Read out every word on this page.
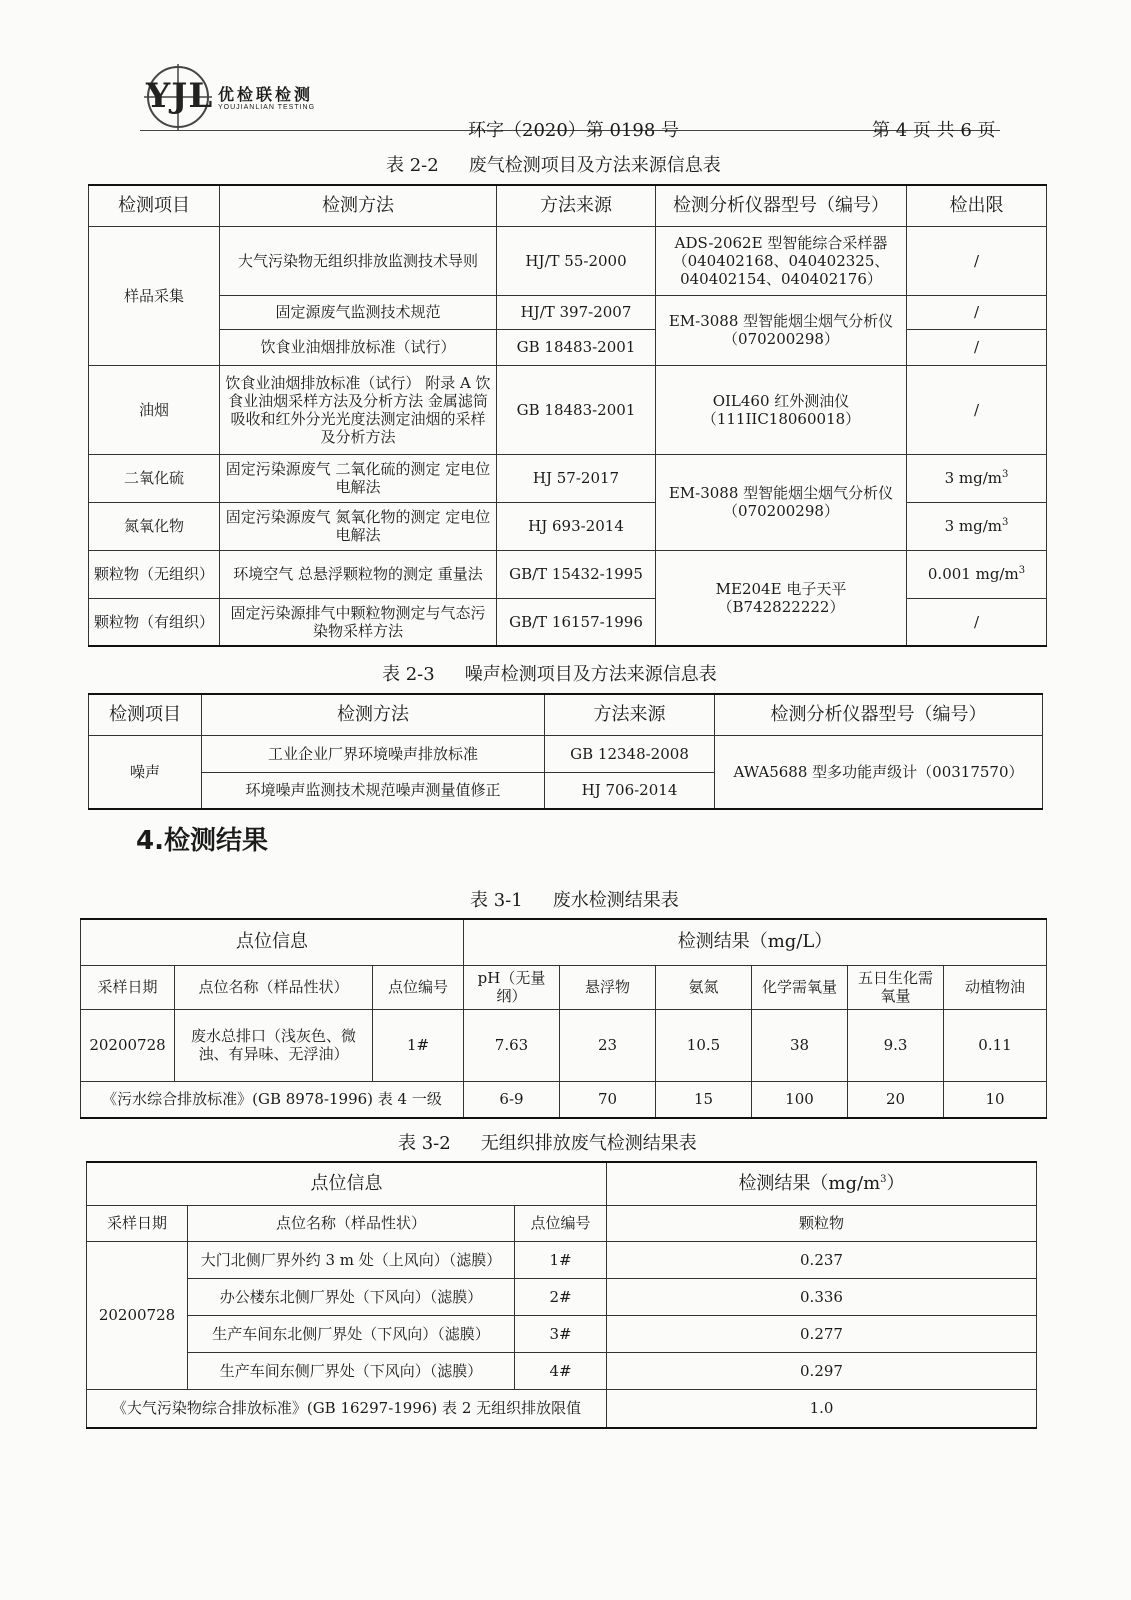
YJL 优检联检测
YOUJIANLIAN TESTING
环字（2020）第 0198 号	第 4 页 共 6 页
表 2-2 废气检测项目及方法来源信息表
检测项目	检测方法	方法来源	检测分析仪器型号（编号）	检出限
样品采集	大气污染物无组织排放监测技术导则	HJ/T 55-2000	ADS-2062E 型智能综合采样器（040402168、040402325、040402154、040402176）	/
	固定源废气监测技术规范	HJ/T 397-2007	EM-3088 型智能烟尘烟气分析仪（070200298）	/
	饮食业油烟排放标准（试行）	GB 18483-2001		/
油烟	饮食业油烟排放标准（试行） 附录 A 饮食业油烟采样方法及分析方法 金属滤筒吸收和红外分光光度法测定油烟的采样及分析方法	GB 18483-2001	OIL460 红外测油仪（111IIC18060018）	/
二氧化硫	固定污染源废气 二氧化硫的测定 定电位电解法	HJ 57-2017	EM-3088 型智能烟尘烟气分析仪（070200298）	3 $mg/m^3$
氮氧化物	固定污染源废气 氮氧化物的测定 定电位电解法	HJ 693-2014		3 $mg/m^3$
颗粒物（无组织）	环境空气 总悬浮颗粒物的测定 重量法	GB/T 15432-1995	ME204E 电子天平（B742822222）	0.001 $mg/m^3$
颗粒物（有组织）	固定污染源排气中颗粒物测定与气态污染物采样方法	GB/T 16157-1996		/
表 2-3 噪声检测项目及方法来源信息表
检测项目	检测方法	方法来源	检测分析仪器型号（编号）
噪声	工业企业厂界环境噪声排放标准	GB 12348-2008	AWA5688 型多功能声级计（00317570）
	环境噪声监测技术规范噪声测量值修正	HJ 706-2014	
4.检测结果
表 3-1 废水检测结果表
点位信息			检测结果（mg/L）					
采样日期	点位名称（样品性状）	点位编号	pH（无量纲）	悬浮物	氨氮	化学需氧量	五日生化需氧量	动植物油
20200728	废水总排口（浅灰色、微浊、有异味、无浮油）	1#	7.63	23	10.5	38	9.3	0.11
《污水综合排放标准》(GB 8978-1996) 表 4 一级			6-9	70	15	100	20	10
表 3-2 无组织排放废气检测结果表
点位信息			检测结果$(mg/m^3)$
采样日期	点位名称（样品性状）	点位编号	颗粒物
20200728	大门北侧厂界外约 3 m 处（上风向）（滤膜）	1#	0.237
	办公楼东北侧厂界处（下风向）（滤膜）	2#	0.336
	生产车间东北侧厂界处（下风向）（滤膜）	3#	0.277
	生产车间东侧厂界处（下风向）（滤膜）	4#	0.297
《大气污染物综合排放标准》(GB 16297-1996) 表 2 无组织排放限值			1.0
